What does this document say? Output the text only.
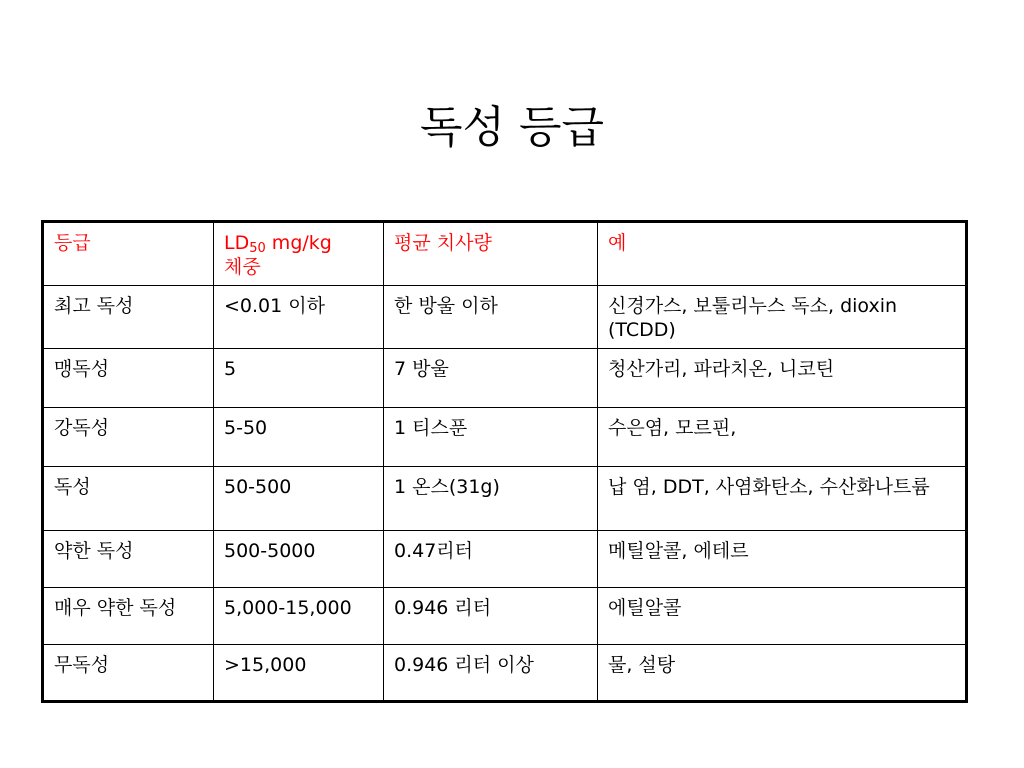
독성 등급
등급	$LD_{50}$ mg/kg 체중	평균 치사량	예
최고 독성	<0.01 이하	한 방울 이하	신경가스, 보툴리누스 독소, dioxin (TCDD)
맹독성	5	7 방울	청산가리, 파라치온, 니코틴
강독성	5-50	1 티스푼	수은염, 모르핀,
독성	50-500	1 온스(31g)	납 염, DDT, 사염화탄소, 수산화나트륨
약한 독성	500-5000	0.47리터	메틸알콜, 에테르
매우 약한 독성	5,000-15,000	0.946 리터	에틸알콜
무독성	>15,000	0.946 리터 이상	물, 설탕
